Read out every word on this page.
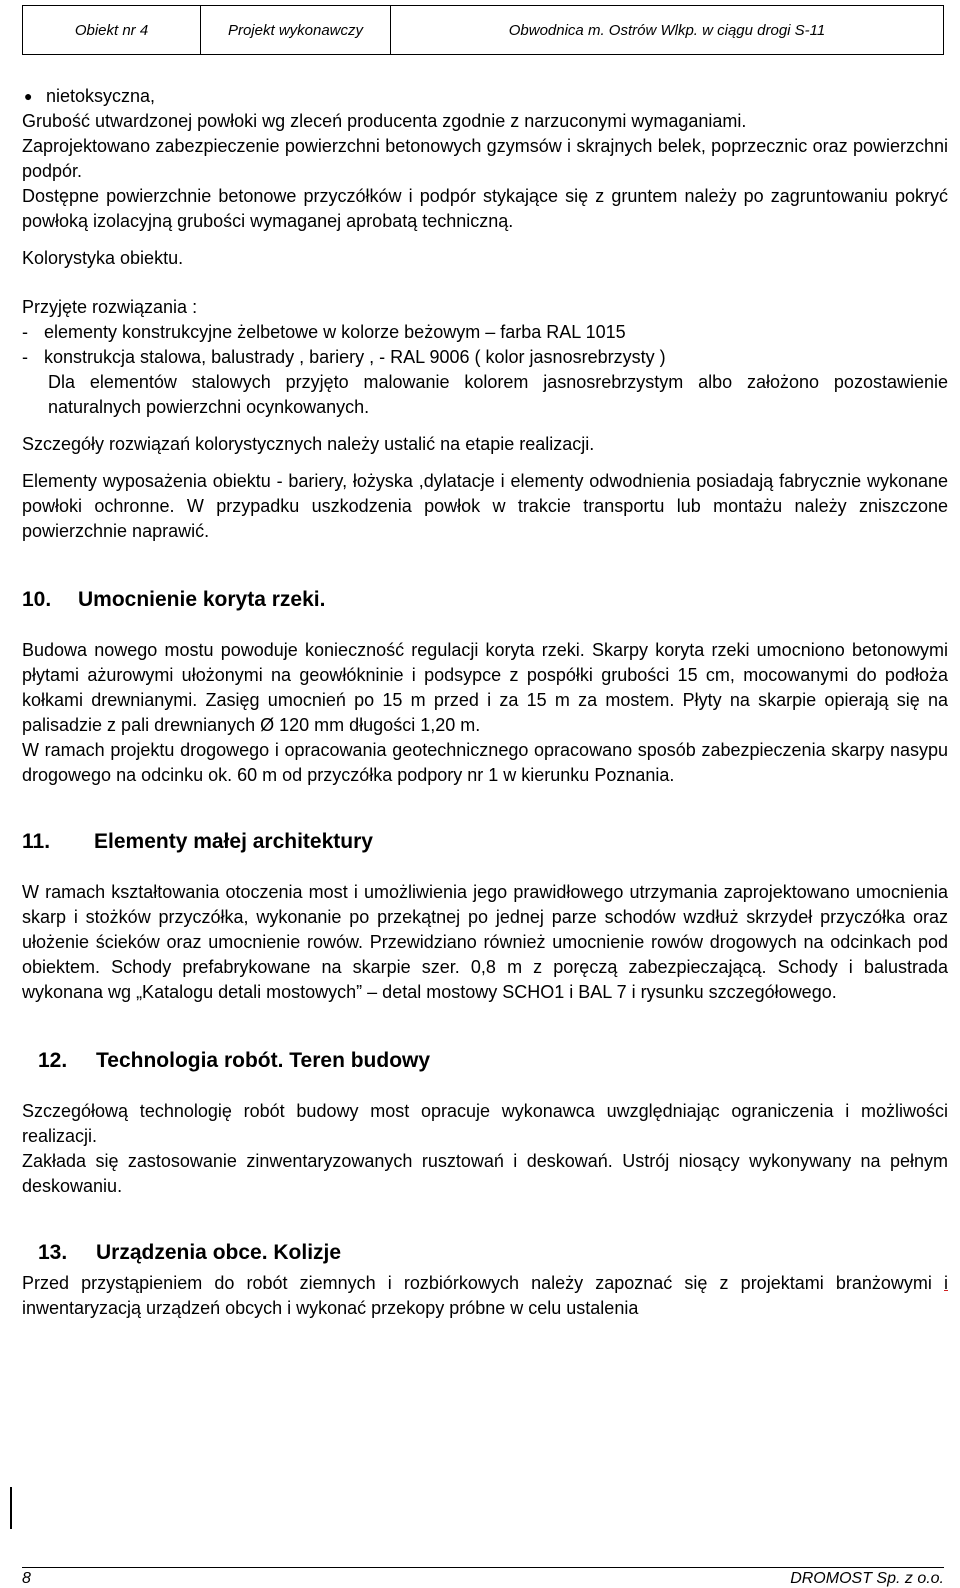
Obiekt nr 4	Projekt wykonawczy	Obwodnica m. Ostrów Wlkp. w ciągu drogi S-11
● nietoksyczna,

Grubość utwardzonej powłoki wg zleceń producenta zgodnie z narzuconymi wymaganiami.

Zaprojektowano zabezpieczenie powierzchni betonowych gzymsów i skrajnych belek, poprzecznic oraz powierzchni podpór.

Dostępne powierzchnie betonowe przyczółków i podpór stykające się z gruntem należy po zagruntowaniu pokryć powłoką izolacyjną grubości wymaganej aprobatą techniczną.

Kolorystyka obiektu.

Przyjęte rozwiązania :

- elementy konstrukcyjne żelbetowe w kolorze beżowym – farba RAL 1015
- konstrukcja stalowa, balustrady , bariery , - RAL 9006 ( kolor jasnosrebrzysty )

Dla elementów stalowych przyjęto malowanie kolorem jasnosrebrzystym albo założono pozostawienie naturalnych powierzchni ocynkowanych.

Szczegóły rozwiązań kolorystycznych należy ustalić na etapie realizacji.

Elementy wyposażenia obiektu - bariery, łożyska ,dylatacje i elementy odwodnienia posiadają fabrycznie wykonane powłoki ochronne. W przypadku uszkodzenia powłok w trakcie transportu lub montażu należy zniszczone powierzchnie naprawić.

10.	Umocnienie koryta rzeki.

Budowa nowego mostu powoduje konieczność regulacji koryta rzeki. Skarpy koryta rzeki umocniono betonowymi płytami ażurowymi ułożonymi na geowłókninie i podsypce z pospółki grubości 15 cm, mocowanymi do podłoża kołkami drewnianymi. Zasięg umocnień po 15 m przed i za 15 m za mostem. Płyty na skarpie opierają się na palisadzie z pali drewnianych Ø 120 mm długości 1,20 m.

W ramach projektu drogowego i opracowania geotechnicznego opracowano sposób zabezpieczenia skarpy nasypu drogowego na odcinku ok. 60 m od przyczółka podpory nr 1 w kierunku Poznania.

11.	Elementy małej architektury

W ramach kształtowania otoczenia most i umożliwienia jego prawidłowego utrzymania zaprojektowano umocnienia skarp i stożków przyczółka, wykonanie po przekątnej po jednej parze schodów wzdłuż skrzydeł przyczółka oraz ułożenie ścieków oraz umocnienie rowów. Przewidziano również umocnienie rowów drogowych na odcinkach pod obiektem. Schody prefabrykowane na skarpie szer. 0,8 m z poręczą zabezpieczającą. Schody i balustrada wykonana wg „Katalogu detali mostowych” – detal mostowy SCHO1 i BAL 7 i rysunku szczegółowego.

12.	Technologia robót. Teren budowy

Szczegółową technologię robót budowy most opracuje wykonawca uwzględniając ograniczenia i możliwości realizacji.

Zakłada się zastosowanie zinwentaryzowanych rusztowań i deskowań. Ustrój niosący wykonywany na pełnym deskowaniu.

13.	Urządzenia obce. Kolizje

Przed przystąpieniem do robót ziemnych i rozbiórkowych należy zapoznać się z projektami branżowymi i inwentaryzacją urządzeń obcych i wykonać przekopy próbne w celu ustalenia

8	DROMOST Sp. z o.o.
